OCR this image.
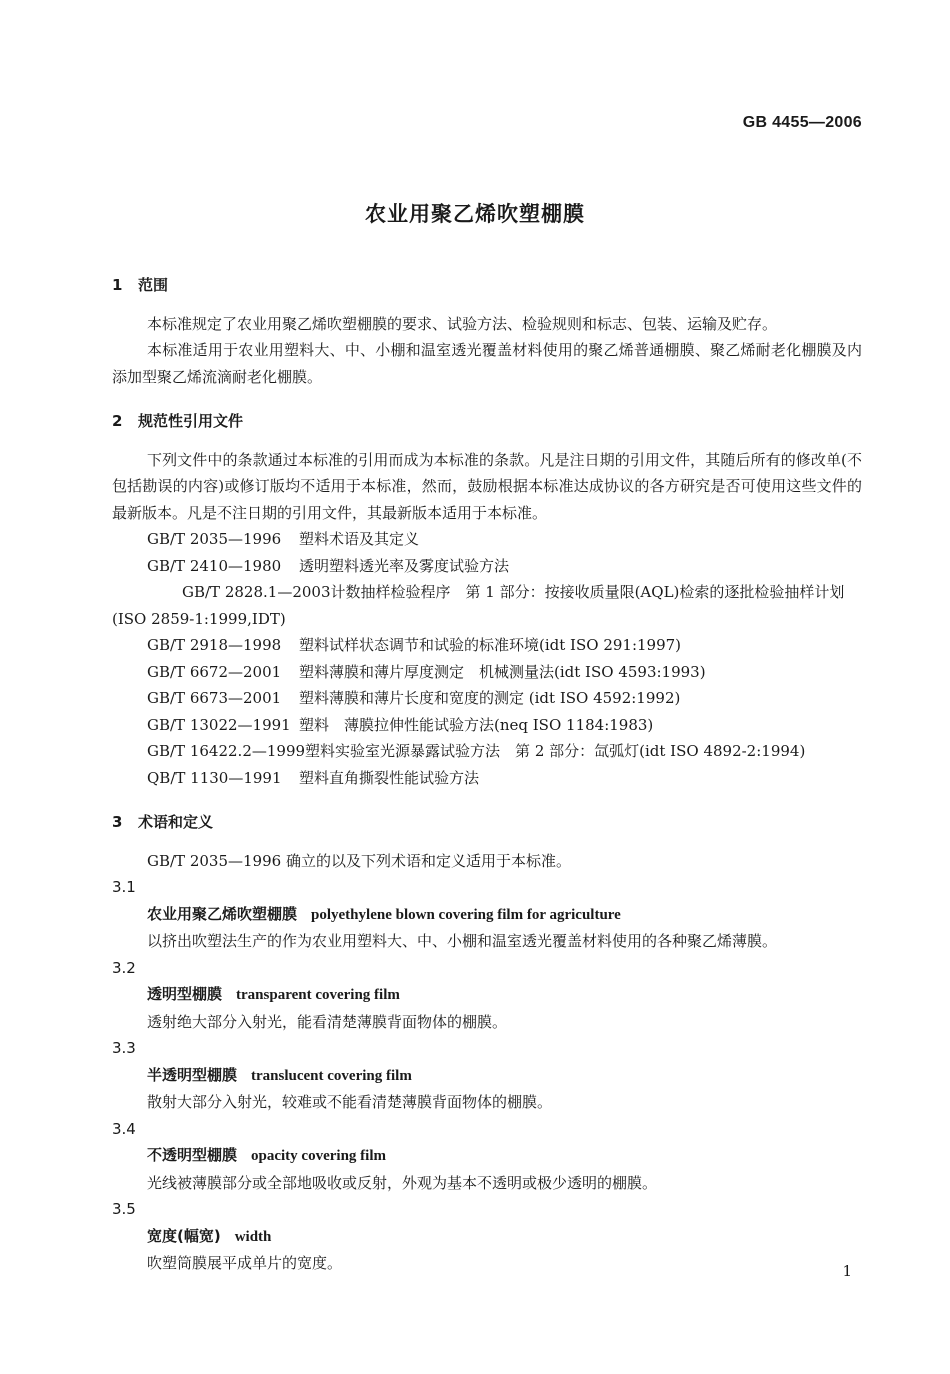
GB 4455—2006
农业用聚乙烯吹塑棚膜

1 范围

本标准规定了农业用聚乙烯吹塑棚膜的要求、试验方法、检验规则和标志、包装、运输及贮存。

本标准适用于农业用塑料大、中、小棚和温室透光覆盖材料使用的聚乙烯普通棚膜、聚乙烯耐老化棚膜及内添加型聚乙烯流滴耐老化棚膜。

2 规范性引用文件

下列文件中的条款通过本标准的引用而成为本标准的条款。凡是注日期的引用文件，其随后所有的修改单(不包括勘误的内容)或修订版均不适用于本标准，然而，鼓励根据本标准达成协议的各方研究是否可使用这些文件的最新版本。凡是不注日期的引用文件，其最新版本适用于本标准。

GB/T 2035—1996 塑料术语及其定义

GB/T 2410—1980 透明塑料透光率及雾度试验方法

GB/T 2828.1—2003计数抽样检验程序　第 1 部分：按接收质量限(AQL)检索的逐批检验抽样计划(ISO 2859-1:1999,IDT)

GB/T 2918—1998 塑料试样状态调节和试验的标准环境(idt ISO 291:1997)

GB/T 6672—2001 塑料薄膜和薄片厚度测定　机械测量法(idt ISO 4593:1993)

GB/T 6673—2001 塑料薄膜和薄片长度和宽度的测定 (idt ISO 4592:1992)

GB/T 13022—1991 塑料　薄膜拉伸性能试验方法(neq ISO 1184:1983)

GB/T 16422.2—1999塑料实验室光源暴露试验方法　第 2 部分：氙弧灯(idt ISO 4892-2:1994)

QB/T 1130—1991 塑料直角撕裂性能试验方法

3 术语和定义

GB/T 2035—1996 确立的以及下列术语和定义适用于本标准。

3.1

农业用聚乙烯吹塑棚膜 polyethylene blown covering film for agriculture

以挤出吹塑法生产的作为农业用塑料大、中、小棚和温室透光覆盖材料使用的各种聚乙烯薄膜。

3.2

透明型棚膜 transparent covering film

透射绝大部分入射光，能看清楚薄膜背面物体的棚膜。

3.3

半透明型棚膜 translucent covering film

散射大部分入射光，较难或不能看清楚薄膜背面物体的棚膜。

3.4

不透明型棚膜 opacity covering film

光线被薄膜部分或全部地吸收或反射，外观为基本不透明或极少透明的棚膜。

3.5

宽度(幅宽) width

吹塑筒膜展平成单片的宽度。	1
